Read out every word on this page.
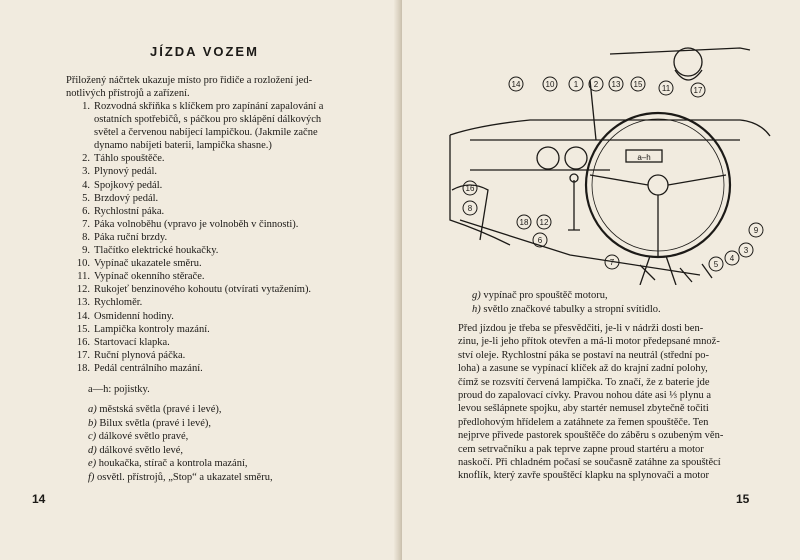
JÍZDA VOZEM
Přiložený náčrtek ukazuje místo pro řidiče a rozložení jed-
notlivých přístrojů a zařízení.
1. Rozvodná skříňka s klíčkem pro zapínání zapalování a
ostatních spotřebičů, s páčkou pro sklápění dálkových
světel a červenou nabíjecí lampičkou. (Jakmile začne
dynamo nabíjeti baterii, lampička shasne.)
2. Táhlo spouštěče.
3. Plynový pedál.
4. Spojkový pedál.
5. Brzdový pedál.
6. Rychlostní páka.
7. Páka volnoběhu (vpravo je volnoběh v činnosti).
8. Páka ruční brzdy.
9. Tlačítko elektrické houkačky.
10. Vypínač ukazatele směru.
11. Vypínač okenního stěrače.
12. Rukojeť benzinového kohoutu (otvírati vytažením).
13. Rychloměr.
14. Osmidenní hodiny.
15. Lampička kontroly mazání.
16. Startovací klapka.
17. Ruční plynová páčka.
18. Pedál centrálního mazání.
a—h: pojistky.
a) městská světla (pravé i levé),
b) Bilux světla (pravé i levé),
c) dálkové světlo pravé,
d) dálkové světlo levé,
e) houkačka, stírač a kontrola mazání,
f) osvětl. přístrojů, „Stop“ a ukazatel směru,
14
14	10 1 2 13 15 11	17
16
8
18 12
6
7	5
4
3
9
a–h
g) vypínač pro spouštěč motoru,
h) světlo značkové tabulky a stropní svítidlo.
Před jízdou je třeba se přesvědčiti, je-li v nádrži dosti ben-
zinu, je-li jeho přítok otevřen a má-li motor předepsané množ-
ství oleje. Rychlostní páka se postaví na neutrál (střední po-
loha) a zasune se vypínací klíček až do krajní zadní polohy,
čímž se rozsvítí červená lampička. To značí, že z baterie jde
proud do zapalovací cívky. Pravou nohou dáte asi ⅓ plynu a
levou sešlápnete spojku, aby startér nemusel zbytečně točiti
předlohovým hřídelem a zatáhnete za řemen spouštěče. Ten
nejprve přivede pastorek spouštěče do záběru s ozubeným věn-
cem setrvačníku a pak teprve zapne proud startéru a motor
naskočí. Při chladném počasí se současně zatáhne za spouštěcí
knoflík, který zavře spouštěcí klapku na splynovači a motor
15
